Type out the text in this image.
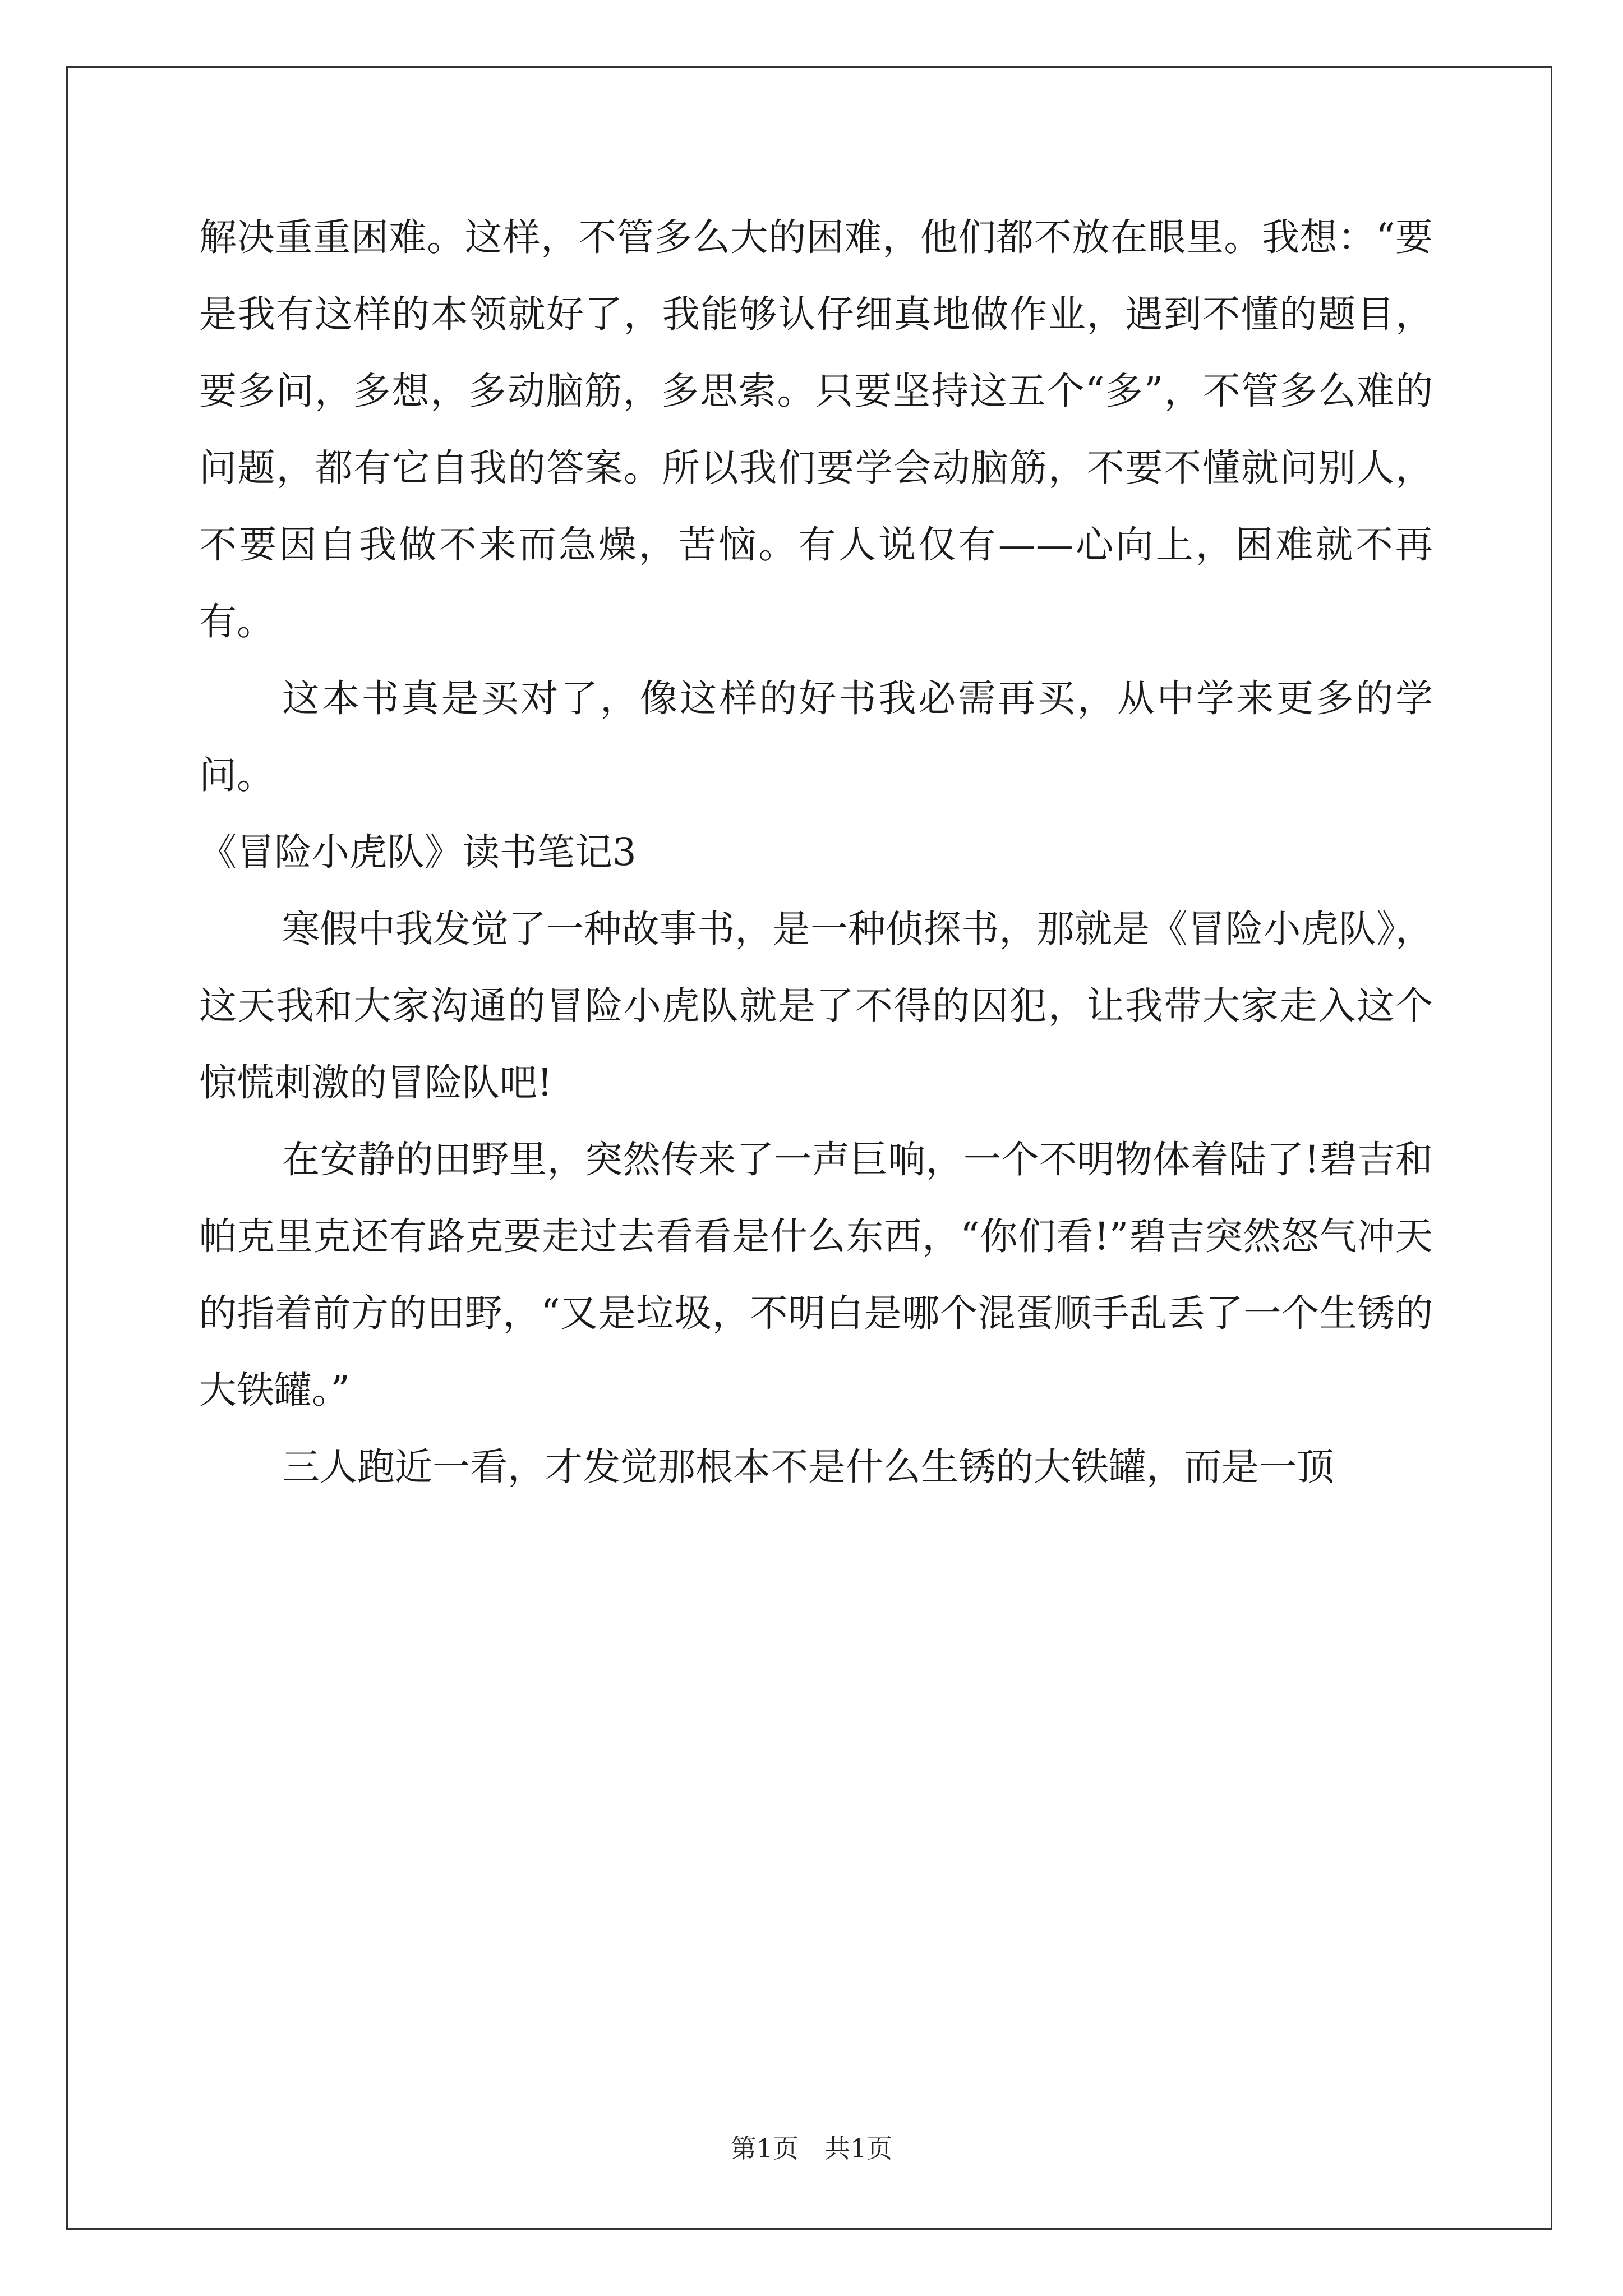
解决重重困难。这样，不管多么大的困难，他们都不放在眼里。我想：“要是我有这样的本领就好了，我能够认仔细真地做作业，遇到不懂的题目，要多问，多想，多动脑筋，多思索。只要坚持这五个“多”，不管多么难的问题，都有它自我的答案。所以我们要学会动脑筋，不要不懂就问别人，不要因自我做不来而急燥，苦恼。有人说仅有——心向上，困难就不再有。

这本书真是买对了，像这样的好书我必需再买，从中学来更多的学问。

《冒险小虎队》读书笔记3

寒假中我发觉了一种故事书，是一种侦探书，那就是《冒险小虎队》，这天我和大家沟通的冒险小虎队就是了不得的囚犯，让我带大家走入这个惊慌刺激的冒险队吧!

在安静的田野里，突然传来了一声巨响，一个不明物体着陆了!碧吉和帕克里克还有路克要走过去看看是什么东西，“你们看!”碧吉突然怒气冲天的指着前方的田野，“又是垃圾，不明白是哪个混蛋顺手乱丢了一个生锈的大铁罐。”

三人跑近一看，才发觉那根本不是什么生锈的大铁罐，而是一顶

第1页 共1页
